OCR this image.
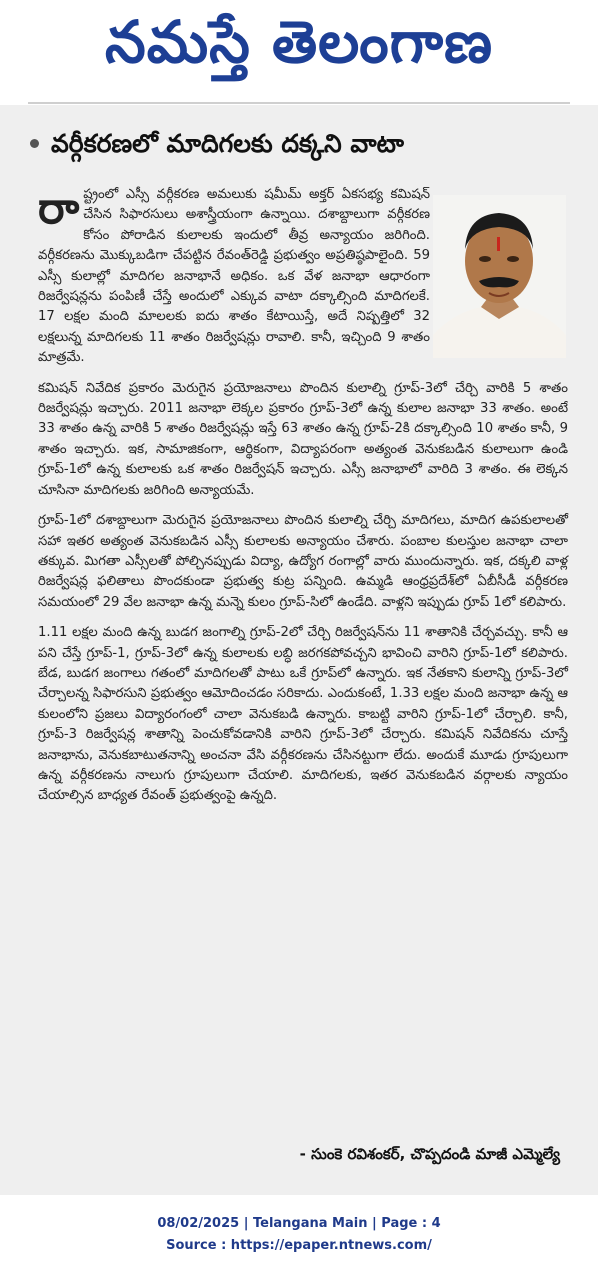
నమస్తే తెలంగాణ
వర్గీకరణలో మాదిగలకు దక్కని వాటా

రాష్ట్రంలో ఎస్సీ వర్గీకరణ అమలుకు షమీమ్ అక్తర్ ఏకసభ్య కమిషన్ చేసిన సిఫారసులు అశాస్త్రీయంగా ఉన్నాయి. దశాబ్దాలుగా వర్గీకరణ కోసం పోరాడిన కులాలకు ఇందులో తీవ్ర అన్యాయం జరిగింది. వర్గీకరణను మొక్కుబడిగా చేపట్టిన రేవంత్‌రెడ్డి ప్రభుత్వం అప్రతిష్ఠపాలైంది. 59 ఎస్సీ కులాల్లో మాదిగల జనాభానే అధికం. ఒక వేళ జనాభా ఆధారంగా రిజర్వేషన్లను పంపిణీ చేస్తే అందులో ఎక్కువ వాటా దక్కాల్సింది మాదిగలకే. 17 లక్షల మంది మాలలకు ఐదు శాతం కేటాయిస్తే, అదే నిష్పత్తిలో 32 లక్షలున్న మాదిగలకు 11 శాతం రిజర్వేషన్లు రావాలి. కానీ, ఇచ్చింది 9 శాతం మాత్రమే.

కమిషన్ నివేదిక ప్రకారం మెరుగైన ప్రయోజనాలు పొందిన కులాల్ని గ్రూప్-3లో చేర్చి వారికి 5 శాతం రిజర్వేషన్లు ఇచ్చారు. 2011 జనాభా లెక్కల ప్రకారం గ్రూప్-3లో ఉన్న కులాల జనాభా 33 శాతం. అంటే 33 శాతం ఉన్న వారికి 5 శాతం రిజర్వేషన్లు ఇస్తే 63 శాతం ఉన్న గ్రూప్-2కి దక్కాల్సింది 10 శాతం కానీ, 9 శాతం ఇచ్చారు. ఇక, సామాజికంగా, ఆర్థికంగా, విద్యాపరంగా అత్యంత వెనుకబడిన కులాలుగా ఉండి గ్రూప్-1లో ఉన్న కులాలకు ఒక శాతం రిజర్వేషన్ ఇచ్చారు. ఎస్సీ జనాభాలో వారిది 3 శాతం. ఈ లెక్కన చూసినా మాదిగలకు జరిగింది అన్యాయమే.

గ్రూప్-1లో దశాబ్దాలుగా మెరుగైన ప్రయోజనాలు పొందిన కులాల్ని చేర్చి మాదిగలు, మాదిగ ఉపకులాలతో సహా ఇతర అత్యంత వెనుకబడిన ఎస్సీ కులాలకు అన్యాయం చేశారు. పంబాల కులస్తుల జనాభా చాలా తక్కువ. మిగతా ఎస్సీలతో పోల్చినప్పుడు విద్యా, ఉద్యోగ రంగాల్లో వారు ముందున్నారు. ఇక, దక్కలి వాళ్ల రిజర్వేషన్ల ఫలితాలు పొందకుండా ప్రభుత్వ కుట్ర పన్నింది. ఉమ్మడి ఆంధ్రప్రదేశ్‌లో ఏబీసీడీ వర్గీకరణ సమయంలో 29 వేల జనాభా ఉన్న మన్నె కులం గ్రూప్-సిలో ఉండేది. వాళ్లని ఇప్పుడు గ్రూప్ 1లో కలిపారు.

1.11 లక్షల మంది ఉన్న బుడగ జంగాల్ని గ్రూప్-2లో చేర్చి రిజర్వేషన్‌ను 11 శాతానికి చేర్చవచ్చు. కానీ ఆ పని చేస్తే గ్రూప్-1, గ్రూప్-3లో ఉన్న కులాలకు లబ్ధి జరగకపోవచ్చని భావించి వారిని గ్రూప్-1లో కలిపారు. బేడ, బుడగ జంగాలు గతంలో మాదిగలతో పాటు ఒకే గ్రూప్‌లో ఉన్నారు. ఇక నేతకాని కులాన్ని గ్రూప్-3లో చేర్చాలన్న సిఫారసుని ప్రభుత్వం ఆమోదించడం సరికాదు. ఎందుకంటే, 1.33 లక్షల మంది జనాభా ఉన్న ఆ కులంలోని ప్రజలు విద్యారంగంలో చాలా వెనుకబడి ఉన్నారు. కాబట్టి వారిని గ్రూప్-1లో చేర్చాలి. కానీ, గ్రూప్-3 రిజర్వేషన్ల శాతాన్ని పెంచుకోవడానికి వారిని గ్రూప్-3లో చేర్చారు. కమిషన్ నివేదికను చూస్తే జనాభాను, వెనుకబాటుతనాన్ని అంచనా వేసి వర్గీకరణను చేసినట్టుగా లేదు. అందుకే మూడు గ్రూపులుగా ఉన్న వర్గీకరణను నాలుగు గ్రూపులుగా చేయాలి. మాదిగలకు, ఇతర వెనుకబడిన వర్గాలకు న్యాయం చేయాల్సిన బాధ్యత రేవంత్ ప్రభుత్వంపై ఉన్నది.

- సుంకె రవిశంకర్, చొప్పదండి మాజీ ఎమ్మెల్యే
08/02/2025 | Telangana Main | Page : 4
Source : https://epaper.ntnews.com/
